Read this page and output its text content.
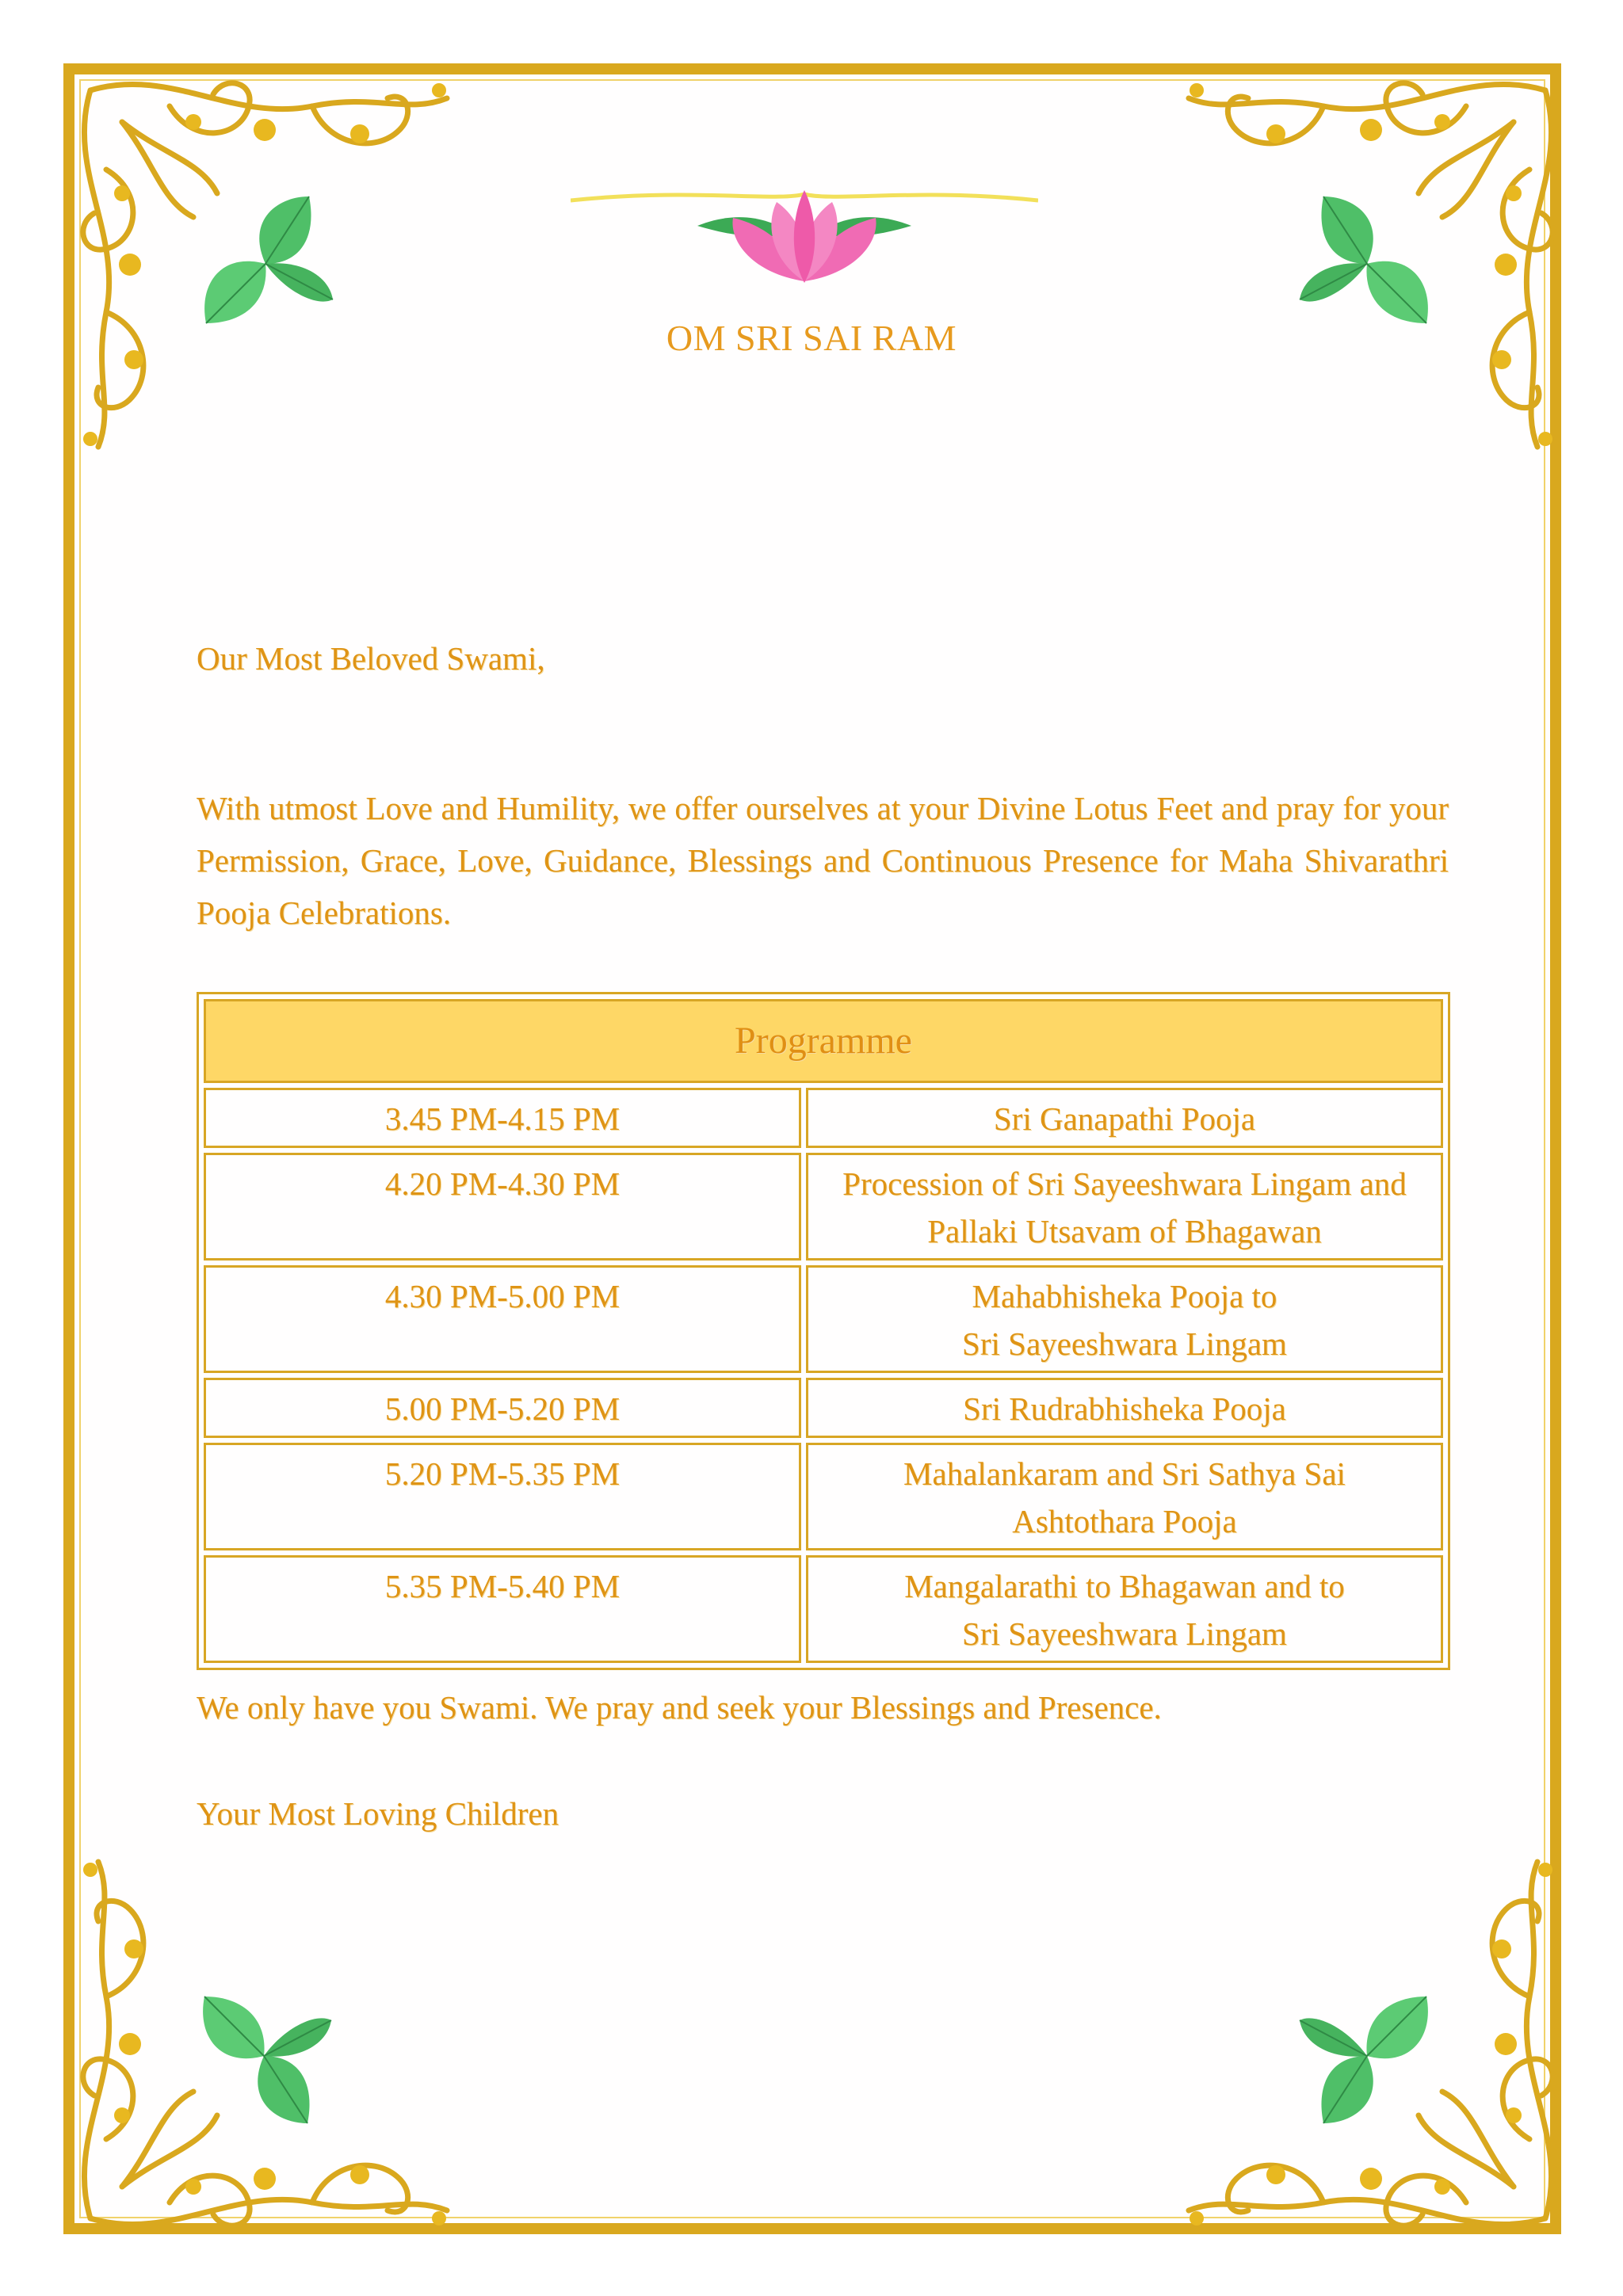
OM SRI SAI RAM
Our Most Beloved Swami,
With utmost Love and Humility, we offer ourselves at your Divine Lotus Feet and pray for your Permission, Grace, Love, Guidance, Blessings and Continuous Presence for Maha Shivarathri Pooja Celebrations.
Programme	
3.45 PM-4.15 PM	Sri Ganapathi Pooja

4.20 PM-4.30 PM	Procession of Sri Sayeeshwara Lingam and
Pallaki Utsavam of Bhagawan

4.30 PM-5.00 PM	Mahabhisheka Pooja to
Sri Sayeeshwara Lingam

5.00 PM-5.20 PM	Sri Rudrabhisheka Pooja

5.20 PM-5.35 PM	Mahalankaram and Sri Sathya Sai
Ashtothara Pooja

5.35 PM-5.40 PM	Mangalarathi to Bhagawan and to
Sri Sayeeshwara Lingam
We only have you Swami. We pray and seek your Blessings and Presence.
Your Most Loving Children
